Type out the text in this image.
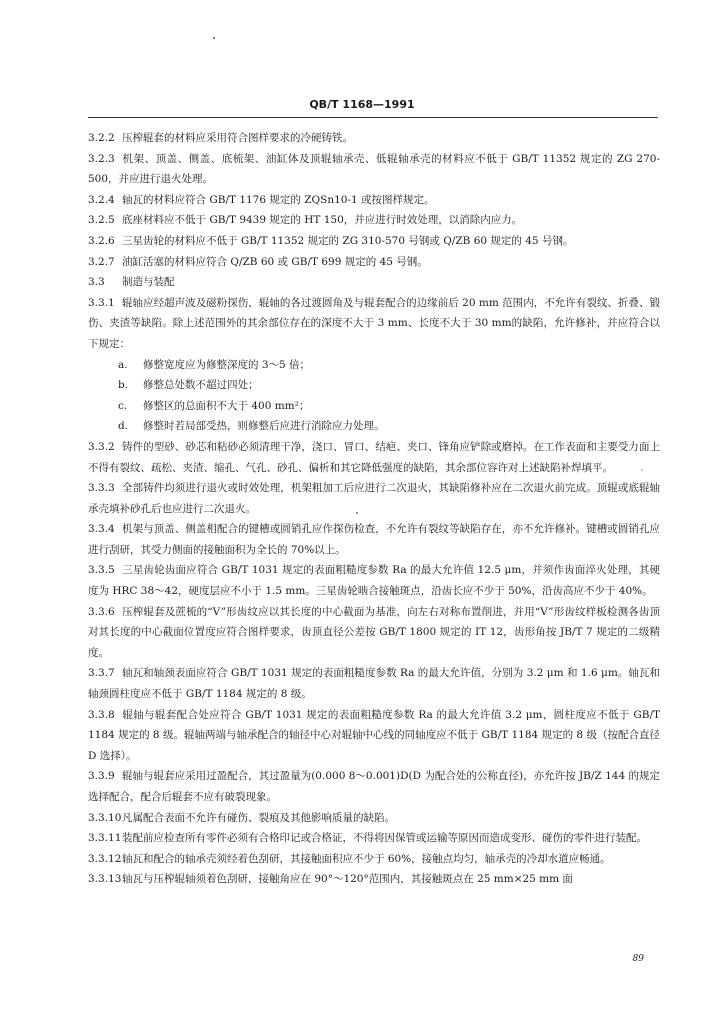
QB/T 1168—1991

3.2.2 压榨辊套的材料应采用符合图样要求的冷硬铸铁。

3.2.3 机架、顶盖、侧盖、底梳架、油缸体及顶辊轴承壳、低辊轴承壳的材料应不低于 GB/T 11352 规定的 ZG 270-500，并应进行退火处理。

3.2.4 轴瓦的材料应符合 GB/T 1176 规定的 ZQSn10-1 或按图样规定。

3.2.5 底座材料应不低于 GB/T 9439 规定的 HT 150，并应进行时效处理，以消除内应力。

3.2.6 三星齿轮的材料应不低于 GB/T 11352 规定的 ZG 310-570 号钢或 Q/ZB 60 规定的 45 号钢。

3.2.7 油缸活塞的材料应符合 Q/ZB 60 或 GB/T 699 规定的 45 号钢。

3.3 制造与装配

3.3.1 辊轴应经超声波及磁粉探伤，辊轴的各过渡圆角及与辊套配合的边缘前后 20 mm 范围内，不允许有裂纹、折叠、锻伤、夹渣等缺陷。除上述范围外的其余部位存在的深度不大于 3 mm、长度不大于 30 mm的缺陷，允许修补，并应符合以下规定：

a. 修整宽度应为修整深度的 3～5 倍；

b. 修整总处数不超过四处；

c. 修整区的总面积不大于 400 mm²；

d. 修整时若局部受热，则修整后应进行消除应力处理。

3.3.2 铸件的型砂、砂芯和粘砂必须清理干净，浇口、冒口、结疤、夹口、锋角应铲除或磨掉。在工作表面和主要受力面上不得有裂纹、疏松、夹渣、缩孔、气孔、砂孔、偏析和其它降低强度的缺陷，其余部位容许对上述缺陷补焊填平。

3.3.3 全部铸件均须进行退火或时效处理，机架粗加工后应进行二次退火，其缺陷修补应在二次退火前完成。顶辊或底辊轴承壳填补砂孔后也应进行二次退火。

3.3.4 机架与顶盖、侧盖相配合的键槽或圆销孔应作探伤检查，不允许有裂纹等缺陷存在，亦不允许修补。键槽或圆销孔应进行刮研，其受力侧面的接触面积为全长的 70%以上。

3.3.5 三星齿轮齿面应符合 GB/T 1031 规定的表面粗糙度参数 Ra 的最大允许值 12.5 μm，并须作齿面淬火处理，其硬度为 HRC 38～42，硬度层应不小于 1.5 mm。三星齿轮啮合接触斑点，沿齿长应不少于 50%，沿齿高应不少于 40%。

3.3.6 压榨辊套及蔗梳的“V”形齿纹应以其长度的中心截面为基准，向左右对称布置削进，并用“V”形齿纹样板检测各齿顶对其长度的中心截面位置度应符合图样要求，齿顶直径公差按 GB/T 1800 规定的 IT 12，齿形角按 JB/T 7 规定的二级精度。

3.3.7 轴瓦和轴颈表面应符合 GB/T 1031 规定的表面粗糙度参数 Ra 的最大允许值，分别为 3.2 μm 和 1.6 μm。轴瓦和轴颈圆柱度应不低于 GB/T 1184 规定的 8 级。

3.3.8 辊轴与辊套配合处应符合 GB/T 1031 规定的表面粗糙度参数 Ra 的最大允许值 3.2 μm，圆柱度应不低于 GB/T 1184 规定的 8 级。辊轴两端与轴承配合的轴径中心对辊轴中心线的同轴度应不低于 GB/T 1184 规定的 8 级（按配合直径 D 选择）。

3.3.9 辊轴与辊套应采用过盈配合，其过盈量为(0.000 8～0.001)D(D 为配合处的公称直径)，亦允许按 JB/Z 144 的规定选择配合，配合后辊套不应有破裂现象。

3.3.10凡属配合表面不允许有碰伤、裂痕及其他影响质量的缺陷。

3.3.11装配前应检查所有零件必须有合格印记或合格证，不得将因保管或运输等原因而造成变形、碰伤的零件进行装配。

3.3.12轴瓦和配合的轴承壳须经着色刮研，其接触面积应不少于 60%，接触点均匀，轴承壳的冷却水道应畅通。

3.3.13轴瓦与压榨辊轴须着色刮研，接触角应在 90°～120°范围内，其接触斑点在 25 mm×25 mm 面

89
